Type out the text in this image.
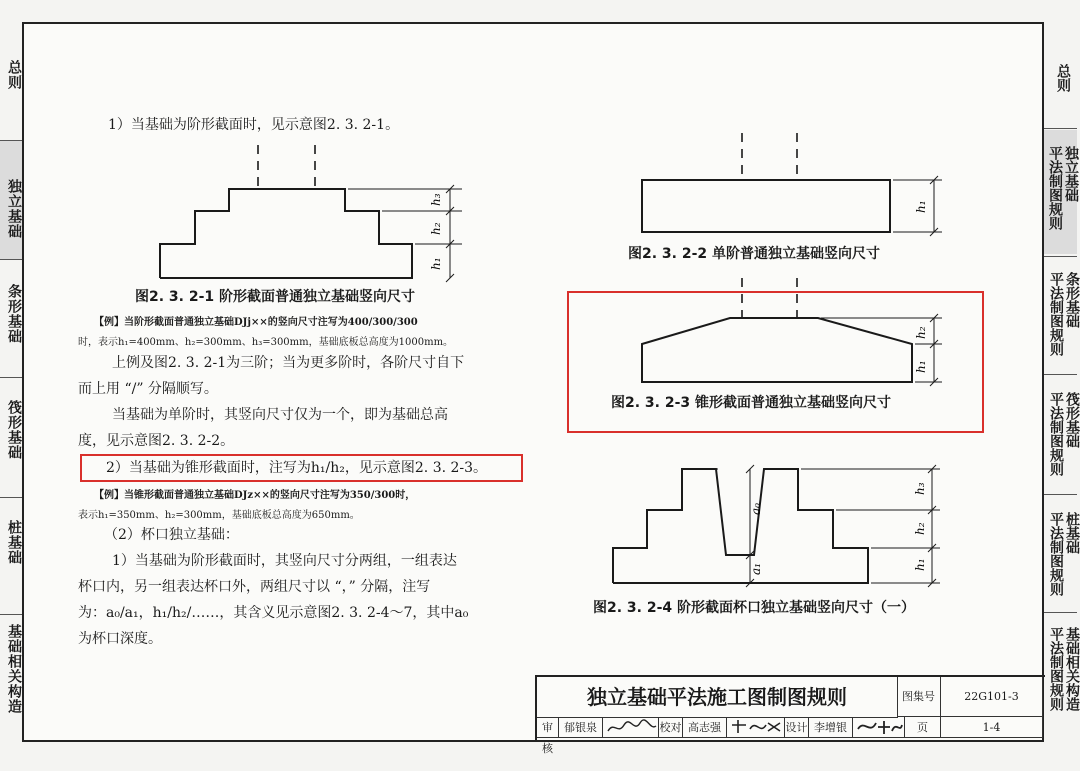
总则
独立基础
条形基础
筏形基础
桩基础
基础相关构造
总则
平法制图规则 独立基础
平法制图规则 条形基础
平法制图规则 筏形基础
平法制图规则 桩基础
平法制图规则 基础相关构造
1）当基础为阶形截面时，见示意图2. 3. 2-1。
h₃
h₂
h₁
图2. 3. 2-1 阶形截面普通独立基础竖向尺寸
【例】当阶形截面普通独立基础DJj××的竖向尺寸注写为400/300/300
时，表示h₁=400mm、h₂=300mm、h₃=300mm，基础底板总高度为1000mm。
上例及图2. 3. 2-1为三阶；当为更多阶时，各阶尺寸自下
而上用 “/” 分隔顺写。
当基础为单阶时，其竖向尺寸仅为一个，即为基础总高
度，见示意图2. 3. 2-2。
2）当基础为锥形截面时，注写为h₁/h₂，见示意图2. 3. 2-3。
【例】当锥形截面普通独立基础DJz××的竖向尺寸注写为350/300时，
表示h₁=350mm、h₂=300mm，基础底板总高度为650mm。
（2）杯口独立基础：
1）当基础为阶形截面时，其竖向尺寸分两组，一组表达
杯口内，另一组表达杯口外，两组尺寸以 “，” 分隔，注写
为：a₀/a₁，h₁/h₂/……，其含义见示意图2. 3. 2-4～7，其中a₀
为杯口深度。
h₁
图2. 3. 2-2 单阶普通独立基础竖向尺寸
h₂
h₁
图2. 3. 2-3 锥形截面普通独立基础竖向尺寸
a₀
a₁
h₃
h₂
h₁
图2. 3. 2-4 阶形截面杯口独立基础竖向尺寸（一）
独立基础平法施工图制图规则	图集号	22G101-3
审核
郁银泉	校对 高志强	设计 李增银	页	1-4
